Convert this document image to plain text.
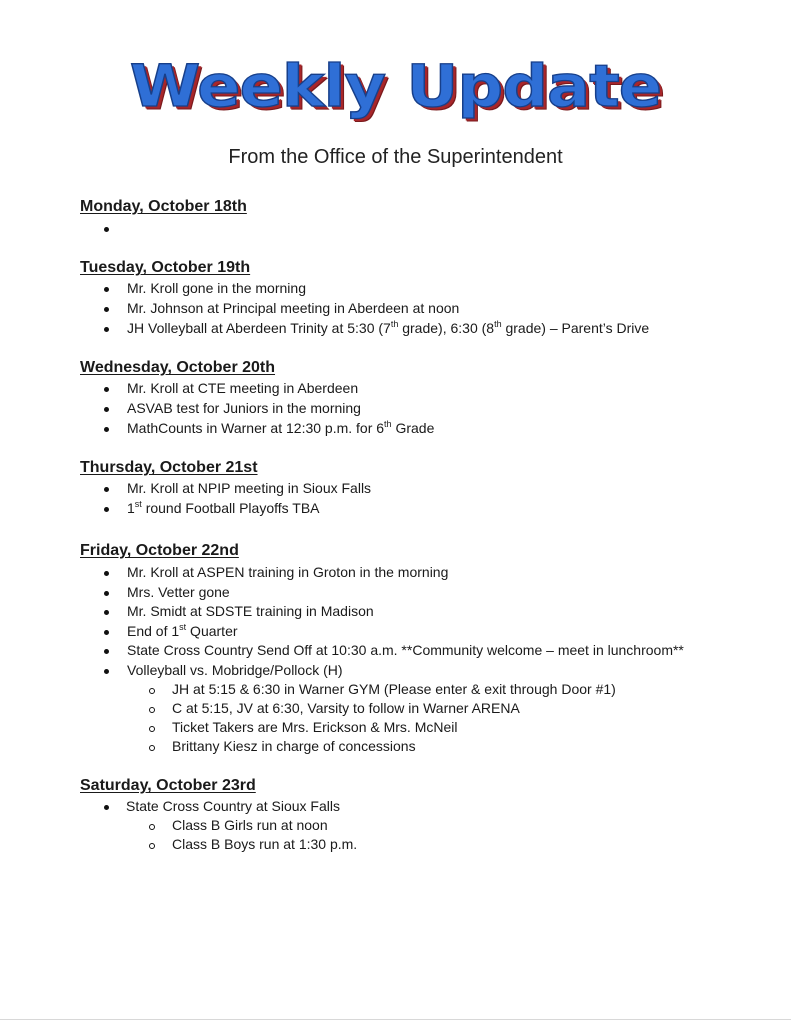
Weekly Update
From the Office of the Superintendent
Monday, October 18th
Tuesday, October 19th
Mr. Kroll gone in the morning
Mr. Johnson at Principal meeting in Aberdeen at noon
JH Volleyball at Aberdeen Trinity at 5:30 (7th grade), 6:30 (8th grade) – Parent’s Drive
Wednesday, October 20th
Mr. Kroll at CTE meeting in Aberdeen
ASVAB test for Juniors in the morning
MathCounts in Warner at 12:30 p.m. for 6th Grade
Thursday, October 21st
Mr. Kroll at NPIP meeting in Sioux Falls
1st round Football Playoffs TBA
Friday, October 22nd
Mr. Kroll at ASPEN training in Groton in the morning
Mrs. Vetter gone
Mr. Smidt at SDSTE training in Madison
End of 1st Quarter
State Cross Country Send Off at 10:30 a.m. **Community welcome – meet in lunchroom**
Volleyball vs. Mobridge/Pollock (H)
JH at 5:15 & 6:30 in Warner GYM (Please enter & exit through Door #1)
C at 5:15, JV at 6:30, Varsity to follow in Warner ARENA
Ticket Takers are Mrs. Erickson & Mrs. McNeil
Brittany Kiesz in charge of concessions
Saturday, October 23rd
State Cross Country at Sioux Falls
Class B Girls run at noon
Class B Boys run at 1:30 p.m.
